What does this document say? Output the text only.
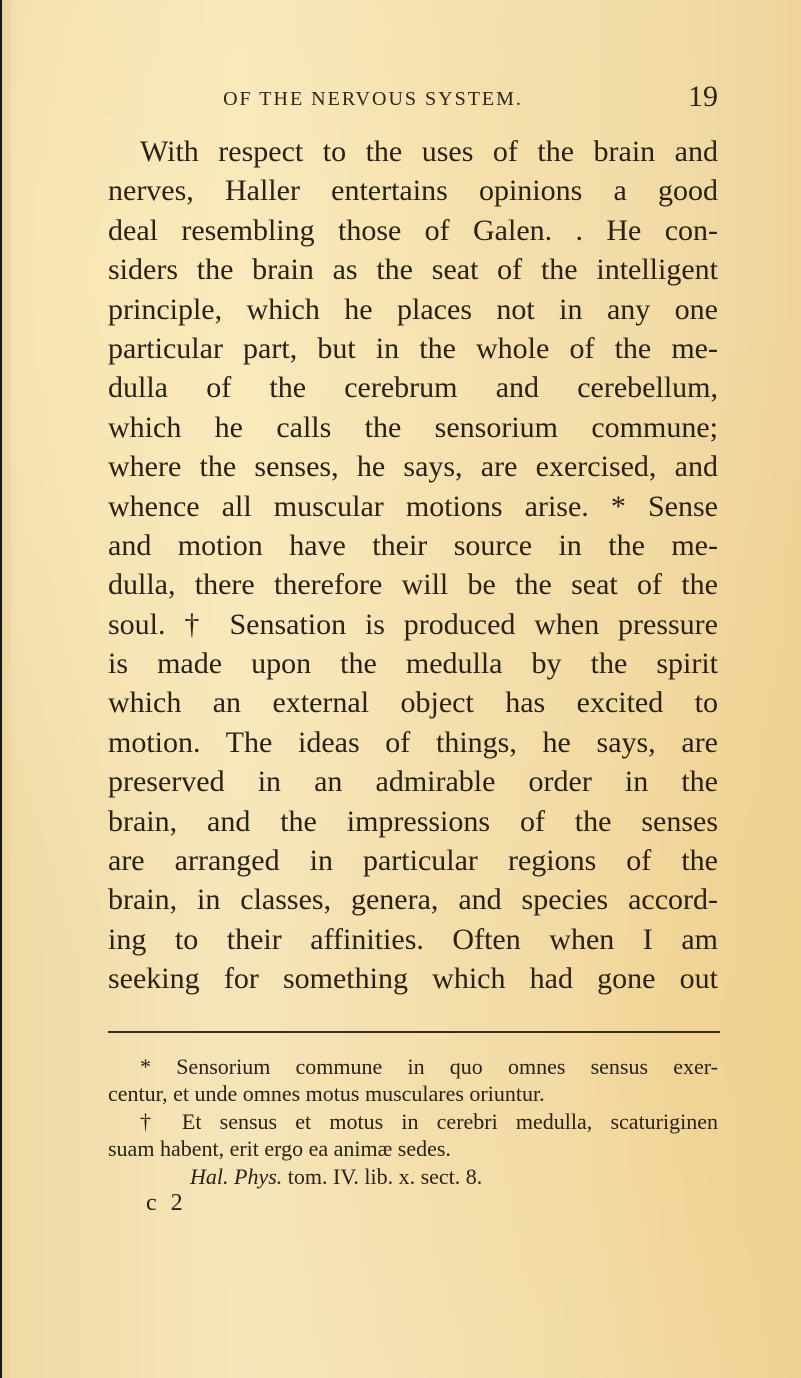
OF THE NERVOUS SYSTEM.	19
With respect to the uses of the brain and
nerves, Haller entertains opinions a good
deal resembling those of Galen. . He con-
siders the brain as the seat of the intelligent
principle, which he places not in any one
particular part, but in the whole of the me-
dulla of the cerebrum and cerebellum,
which he calls the sensorium commune;
where the senses, he says, are exercised, and
whence all muscular motions arise. * Sense
and motion have their source in the me-
dulla, there therefore will be the seat of the
soul. † Sensation is produced when pressure
is made upon the medulla by the spirit
which an external object has excited to
motion. The ideas of things, he says, are
preserved in an admirable order in the
brain, and the impressions of the senses
are arranged in particular regions of the
brain, in classes, genera, and species accord-
ing to their affinities. Often when I am
seeking for something which had gone out
* Sensorium commune in quo omnes sensus exer-
centur, et unde omnes motus musculares oriuntur.
† Et sensus et motus in cerebri medulla, scaturiginen
suam habent, erit ergo ea animæ sedes.
Hal. Phys. tom. IV. lib. x. sect. 8.
c 2
